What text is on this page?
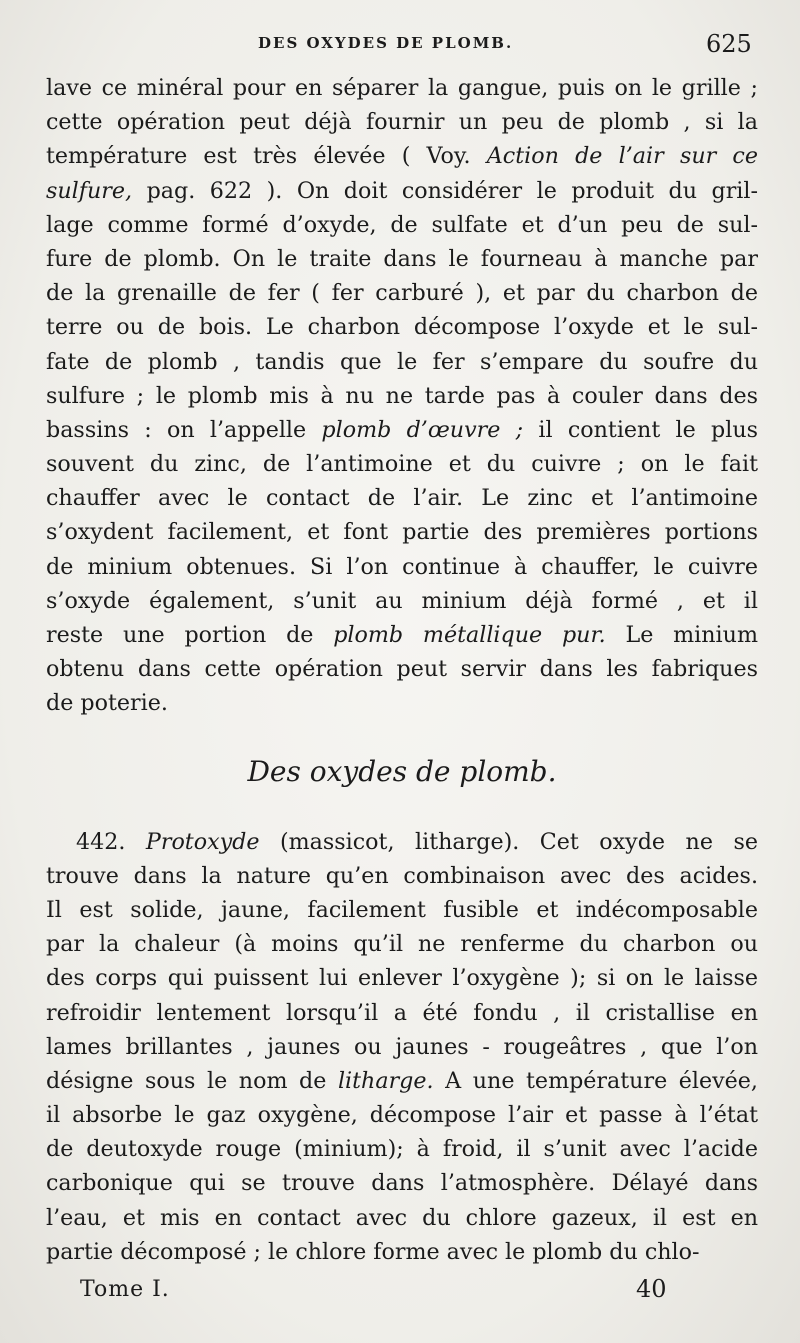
DES OXYDES DE PLOMB.	625
lave ce minéral pour en séparer la gangue, puis on le grille ;
cette opération peut déjà fournir un peu de plomb , si la
température est très élevée ( Voy. Action de l’air sur ce
sulfure, pag. 622 ). On doit considérer le produit du gril-
lage comme formé d’oxyde, de sulfate et d’un peu de sul-
fure de plomb. On le traite dans le fourneau à manche par
de la grenaille de fer ( fer carburé ), et par du charbon de
terre ou de bois. Le charbon décompose l’oxyde et le sul-
fate de plomb , tandis que le fer s’empare du soufre du
sulfure ; le plomb mis à nu ne tarde pas à couler dans des
bassins : on l’appelle plomb d’œuvre ; il contient le plus
souvent du zinc, de l’antimoine et du cuivre ; on le fait
chauffer avec le contact de l’air. Le zinc et l’antimoine
s’oxydent facilement, et font partie des premières portions
de minium obtenues. Si l’on continue à chauffer, le cuivre
s’oxyde également, s’unit au minium déjà formé , et il
reste une portion de plomb métallique pur. Le minium
obtenu dans cette opération peut servir dans les fabriques
de poterie.
Des oxydes de plomb.
442. Protoxyde (massicot, litharge). Cet oxyde ne se
trouve dans la nature qu’en combinaison avec des acides.
Il est solide, jaune, facilement fusible et indécomposable
par la chaleur (à moins qu’il ne renferme du charbon ou
des corps qui puissent lui enlever l’oxygène ); si on le laisse
refroidir lentement lorsqu’il a été fondu , il cristallise en
lames brillantes , jaunes ou jaunes - rougeâtres , que l’on
désigne sous le nom de litharge. A une température élevée,
il absorbe le gaz oxygène, décompose l’air et passe à l’état
de deutoxyde rouge (minium); à froid, il s’unit avec l’acide
carbonique qui se trouve dans l’atmosphère. Délayé dans
l’eau, et mis en contact avec du chlore gazeux, il est en
partie décomposé ; le chlore forme avec le plomb du chlo-
Tome I.	40
